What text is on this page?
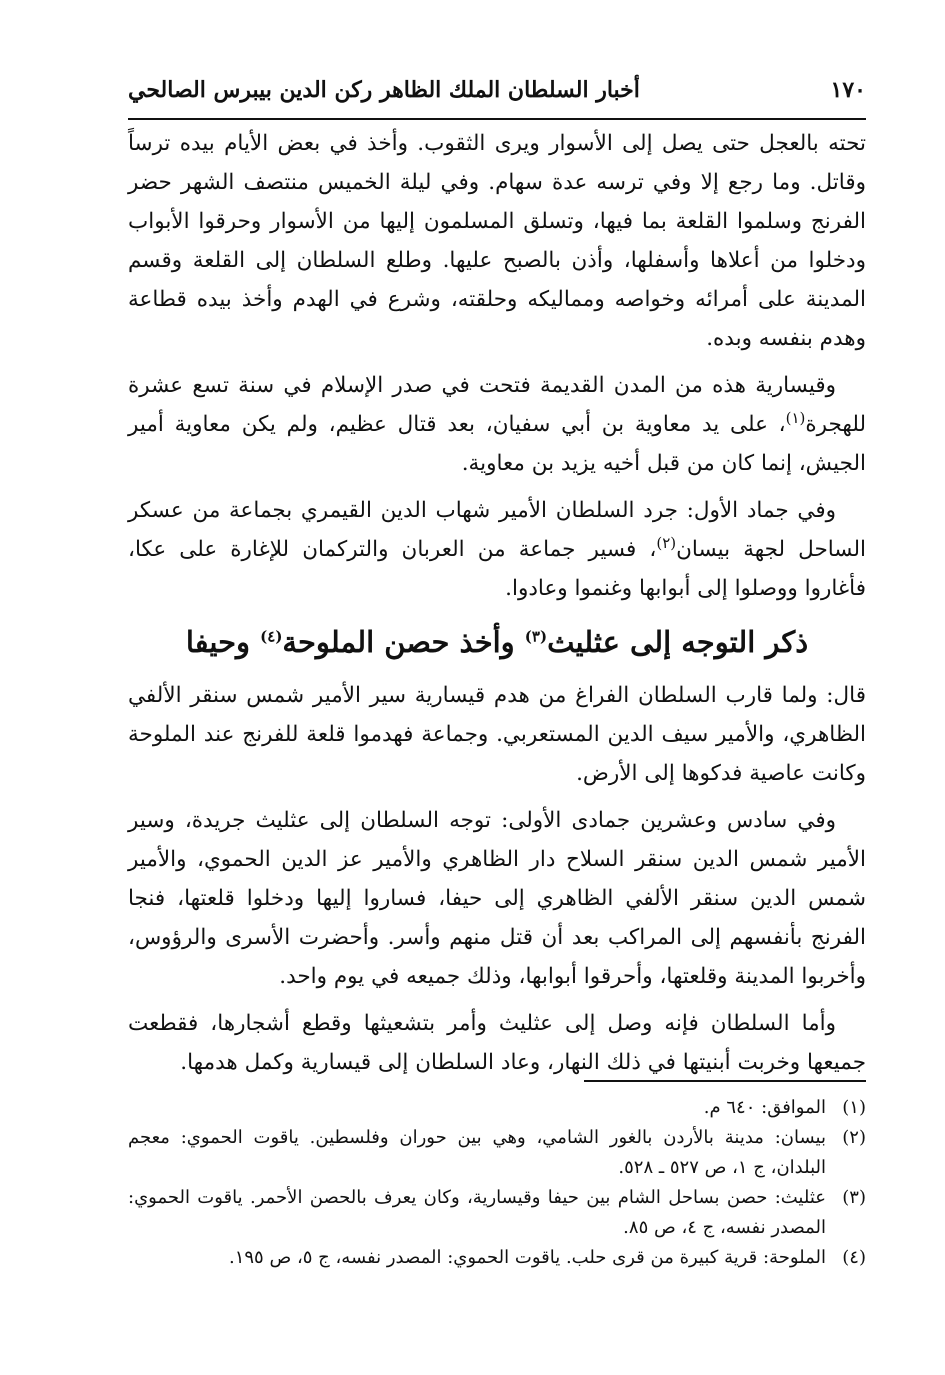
١٧٠
أخبار السلطان الملك الظاهر ركن الدين بيبرس الصالحي

تحته بالعجل حتى يصل إلى الأسوار ويرى الثقوب. وأخذ في بعض الأيام بيده ترساً وقاتل. وما رجع إلا وفي ترسه عدة سهام. وفي ليلة الخميس منتصف الشهر حضر الفرنج وسلموا القلعة بما فيها، وتسلق المسلمون إليها من الأسوار وحرقوا الأبواب ودخلوا من أعلاها وأسفلها، وأذن بالصبح عليها. وطلع السلطان إلى القلعة وقسم المدينة على أمرائه وخواصه ومماليكه وحلقته، وشرع في الهدم وأخذ بيده قطاعة وهدم بنفسه وبده.

وقيسارية هذه من المدن القديمة فتحت في صدر الإسلام في سنة تسع عشرة للهجرة$^{(١)}$، على يد معاوية بن أبي سفيان، بعد قتال عظيم، ولم يكن معاوية أمير الجيش، إنما كان من قبل أخيه يزيد بن معاوية.

وفي جماد الأول: جرد السلطان الأمير شهاب الدين القيمري بجماعة من عسكر الساحل لجهة بيسان$^{(٢)}$، فسير جماعة من العربان والتركمان للإغارة على عكا، فأغاروا ووصلوا إلى أبوابها وغنموا وعادوا.

ذكر التوجه إلى عثليث$^{(٣)}$ وأخذ حصن الملوحة$^{(٤)}$ وحيفا

قال: ولما قارب السلطان الفراغ من هدم قيسارية سير الأمير شمس سنقر الألفي الظاهري، والأمير سيف الدين المستعربي. وجماعة فهدموا قلعة للفرنج عند الملوحة وكانت عاصية فدكوها إلى الأرض.

وفي سادس وعشرين جمادى الأولى: توجه السلطان إلى عثليث جريدة، وسير الأمير شمس الدين سنقر السلاح دار الظاهري والأمير عز الدين الحموي، والأمير شمس الدين سنقر الألفي الظاهري إلى حيفا، فساروا إليها ودخلوا قلعتها، فنجا الفرنج بأنفسهم إلى المراكب بعد أن قتل منهم وأسر. وأحضرت الأسرى والرؤوس، وأخربوا المدينة وقلعتها، وأحرقوا أبوابها، وذلك جميعه في يوم واحد.

وأما السلطان فإنه وصل إلى عثليث وأمر بتشعيثها وقطع أشجارها، فقطعت جميعها وخربت أبنيتها في ذلك النهار، وعاد السلطان إلى قيسارية وكمل هدمها.

(١)
الموافق: ٦٤٠ م.
(٢)
بيسان: مدينة بالأردن بالغور الشامي، وهي بين حوران وفلسطين. ياقوت الحموي: معجم البلدان، ج ١، ص ٥٢٧ ـ ٥٢٨.
(٣)
عثليث: حصن بساحل الشام بين حيفا وقيسارية، وكان يعرف بالحصن الأحمر. ياقوت الحموي: المصدر نفسه، ج ٤، ص ٨٥.
(٤)
الملوحة: قرية كبيرة من قرى حلب. ياقوت الحموي: المصدر نفسه، ج ٥، ص ١٩٥.
